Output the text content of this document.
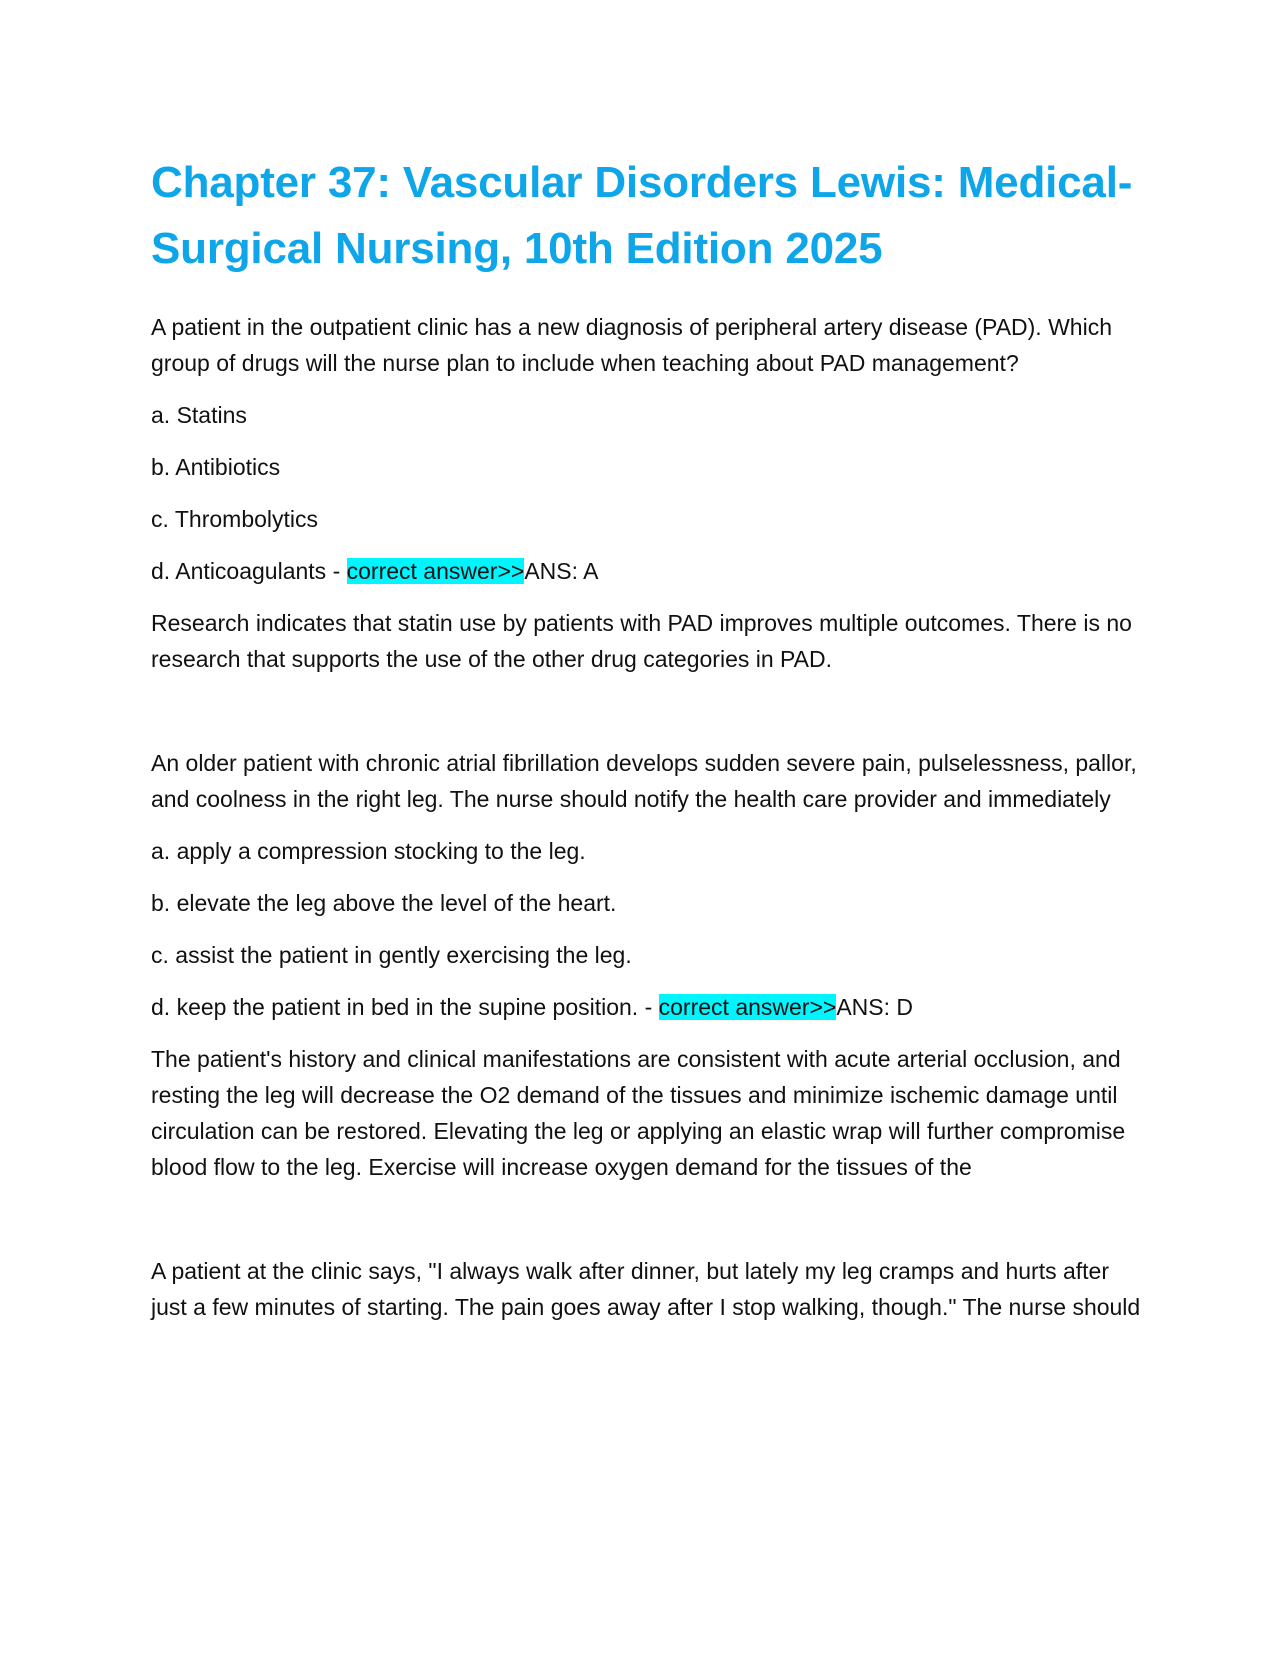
Chapter 37: Vascular Disorders Lewis: Medical-Surgical Nursing, 10th Edition 2025

A patient in the outpatient clinic has a new diagnosis of peripheral artery disease (PAD). Which group of drugs will the nurse plan to include when teaching about PAD management?

a. Statins

b. Antibiotics

c. Thrombolytics

d. Anticoagulants - correct answer>>ANS: A

Research indicates that statin use by patients with PAD improves multiple outcomes. There is no research that supports the use of the other drug categories in PAD.

An older patient with chronic atrial fibrillation develops sudden severe pain, pulselessness, pallor, and coolness in the right leg. The nurse should notify the health care provider and immediately

a. apply a compression stocking to the leg.

b. elevate the leg above the level of the heart.

c. assist the patient in gently exercising the leg.

d. keep the patient in bed in the supine position. - correct answer>>ANS: D

The patient's history and clinical manifestations are consistent with acute arterial occlusion, and resting the leg will decrease the O2 demand of the tissues and minimize ischemic damage until circulation can be restored. Elevating the leg or applying an elastic wrap will further compromise blood flow to the leg. Exercise will increase oxygen demand for the tissues of the

A patient at the clinic says, "I always walk after dinner, but lately my leg cramps and hurts after just a few minutes of starting. The pain goes away after I stop walking, though." The nurse should
